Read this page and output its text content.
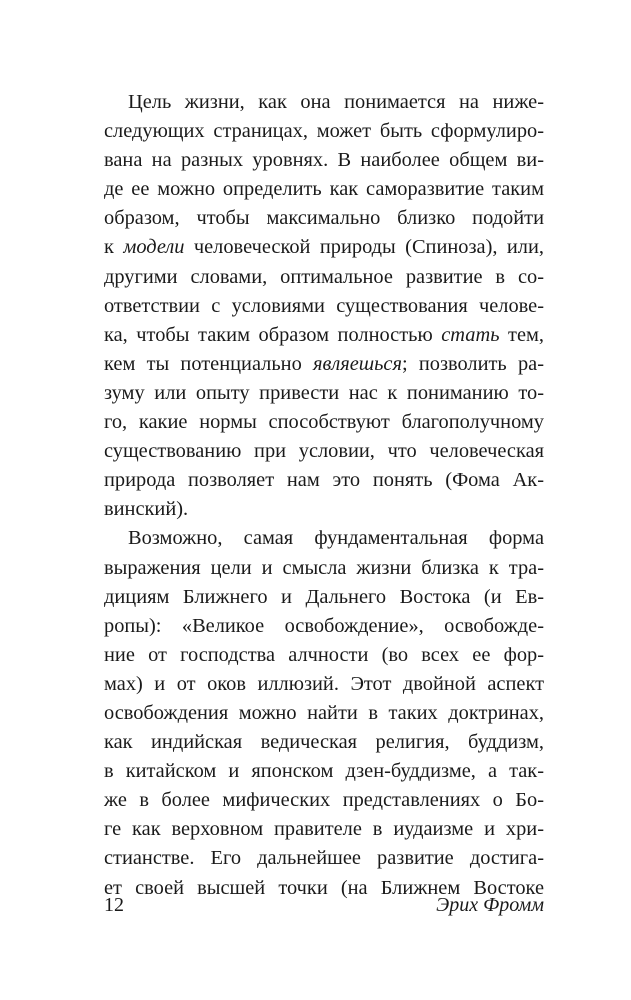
Цель жизни, как она понимается на ниже-
следующих страницах, может быть сформулиро-
вана на разных уровнях. В наиболее общем ви-
де ее можно определить как саморазвитие таким
образом, чтобы максимально близко подойти
к модели человеческой природы (Спиноза), или,
другими словами, оптимальное развитие в со-
ответствии с условиями существования челове-
ка, чтобы таким образом полностью стать тем,
кем ты потенциально являешься; позволить ра-
зуму или опыту привести нас к пониманию то-
го, какие нормы способствуют благополучному
существованию при условии, что человеческая
природа позволяет нам это понять (Фома Ак-
винский).
Возможно, самая фундаментальная форма
выражения цели и смысла жизни близка к тра-
дициям Ближнего и Дальнего Востока (и Ев-
ропы): «Великое освобождение», освобожде-
ние от господства алчности (во всех ее фор-
мах) и от оков иллюзий. Этот двойной аспект
освобождения можно найти в таких доктринах,
как индийская ведическая религия, буддизм,
в китайском и японском дзен-буддизме, а так-
же в более мифических представлениях о Бо-
ге как верховном правителе в иудаизме и хри-
стианстве. Его дальнейшее развитие достига-
ет своей высшей точки (на Ближнем Востоке
12	Эрих Фромм
